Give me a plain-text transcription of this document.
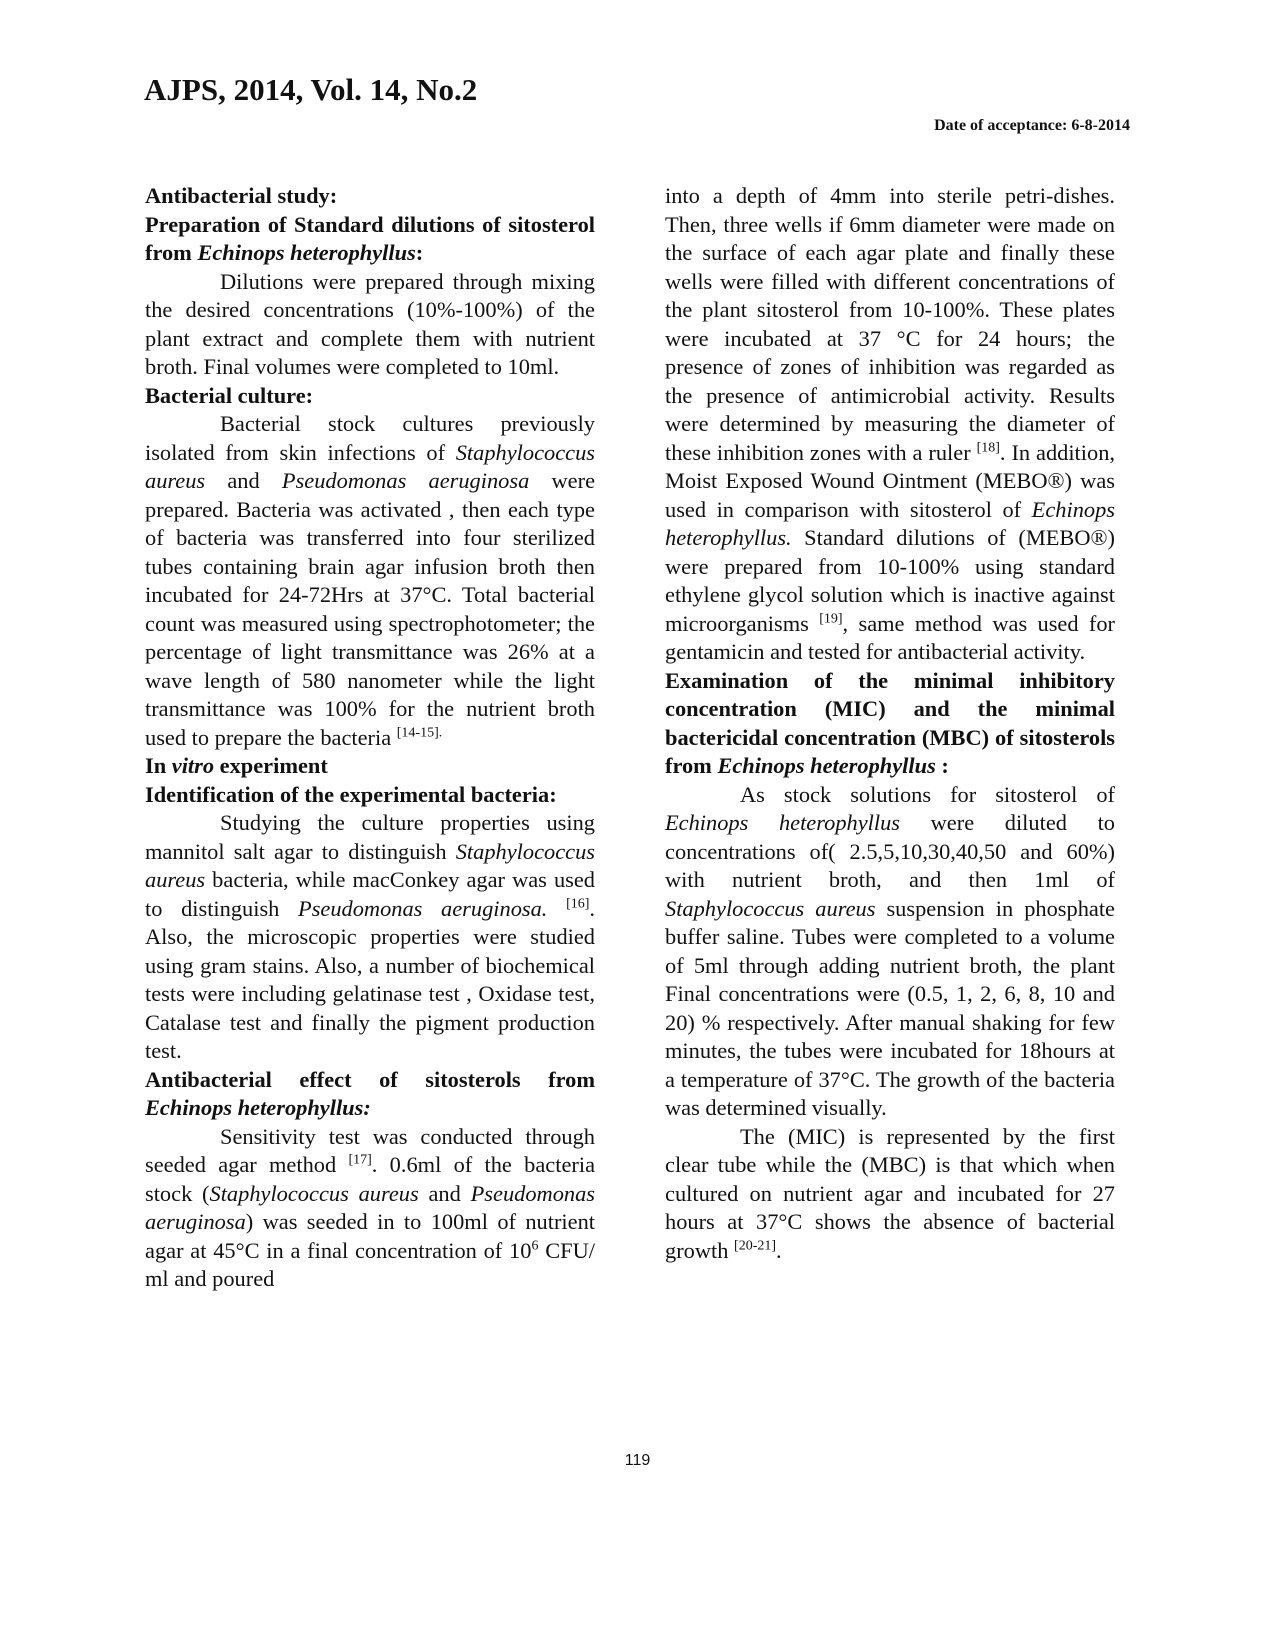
AJPS, 2014, Vol. 14, No.2
Date of acceptance: 6-8-2014
Antibacterial study:
Preparation of Standard dilutions of sitosterol from Echinops heterophyllus:

Dilutions were prepared through mixing the desired concentrations (10%-100%) of the plant extract and complete them with nutrient broth. Final volumes were completed to 10ml.

Bacterial culture:

Bacterial stock cultures previously isolated from skin infections of Staphylococcus aureus and Pseudomonas aeruginosa were prepared. Bacteria was activated , then each type of bacteria was transferred into four sterilized tubes containing brain agar infusion broth then incubated for 24-72Hrs at 37°C. Total bacterial count was measured using spectrophotometer; the percentage of light transmittance was 26% at a wave length of 580 nanometer while the light transmittance was 100% for the nutrient broth used to prepare the bacteria $^{[14-15].}$

In vitro experiment
Identification of the experimental bacteria:

Studying the culture properties using mannitol salt agar to distinguish Staphylococcus aureus bacteria, while macConkey agar was used to distinguish Pseudomonas aeruginosa. [16]. Also, the microscopic properties were studied using gram stains. Also, a number of biochemical tests were including gelatinase test , Oxidase test, Catalase test and finally the pigment production test.

Antibacterial effect of sitosterols from Echinops heterophyllus:

Sensitivity test was conducted through seeded agar method [17]. 0.6ml of the bacteria stock (Staphylococcus aureus and Pseudomonas aeruginosa) was seeded in to 100ml of nutrient agar at 45°C in a final concentration of $10^6$ CFU/ ml and poured

into a depth of 4mm into sterile petri-dishes. Then, three wells if 6mm diameter were made on the surface of each agar plate and finally these wells were filled with different concentrations of the plant sitosterol from 10-100%. These plates were incubated at 37 °C for 24 hours; the presence of zones of inhibition was regarded as the presence of antimicrobial activity. Results were determined by measuring the diameter of these inhibition zones with a ruler [18]. In addition, Moist Exposed Wound Ointment (MEBO®) was used in comparison with sitosterol of Echinops heterophyllus. Standard dilutions of (MEBO®) were prepared from 10-100% using standard ethylene glycol solution which is inactive against microorganisms [19], same method was used for gentamicin and tested for antibacterial activity.

Examination of the minimal inhibitory concentration (MIC) and the minimal bactericidal concentration (MBC) of sitosterols from Echinops heterophyllus :

As stock solutions for sitosterol of Echinops heterophyllus were diluted to concentrations of( 2.5,5,10,30,40,50 and 60%) with nutrient broth, and then 1ml of Staphylococcus aureus suspension in phosphate buffer saline. Tubes were completed to a volume of 5ml through adding nutrient broth, the plant Final concentrations were (0.5, 1, 2, 6, 8, 10 and 20) % respectively. After manual shaking for few minutes, the tubes were incubated for 18hours at a temperature of 37°C. The growth of the bacteria was determined visually.

The (MIC) is represented by the first clear tube while the (MBC) is that which when cultured on nutrient agar and incubated for 27 hours at 37°C shows the absence of bacterial growth [20-21].

119
